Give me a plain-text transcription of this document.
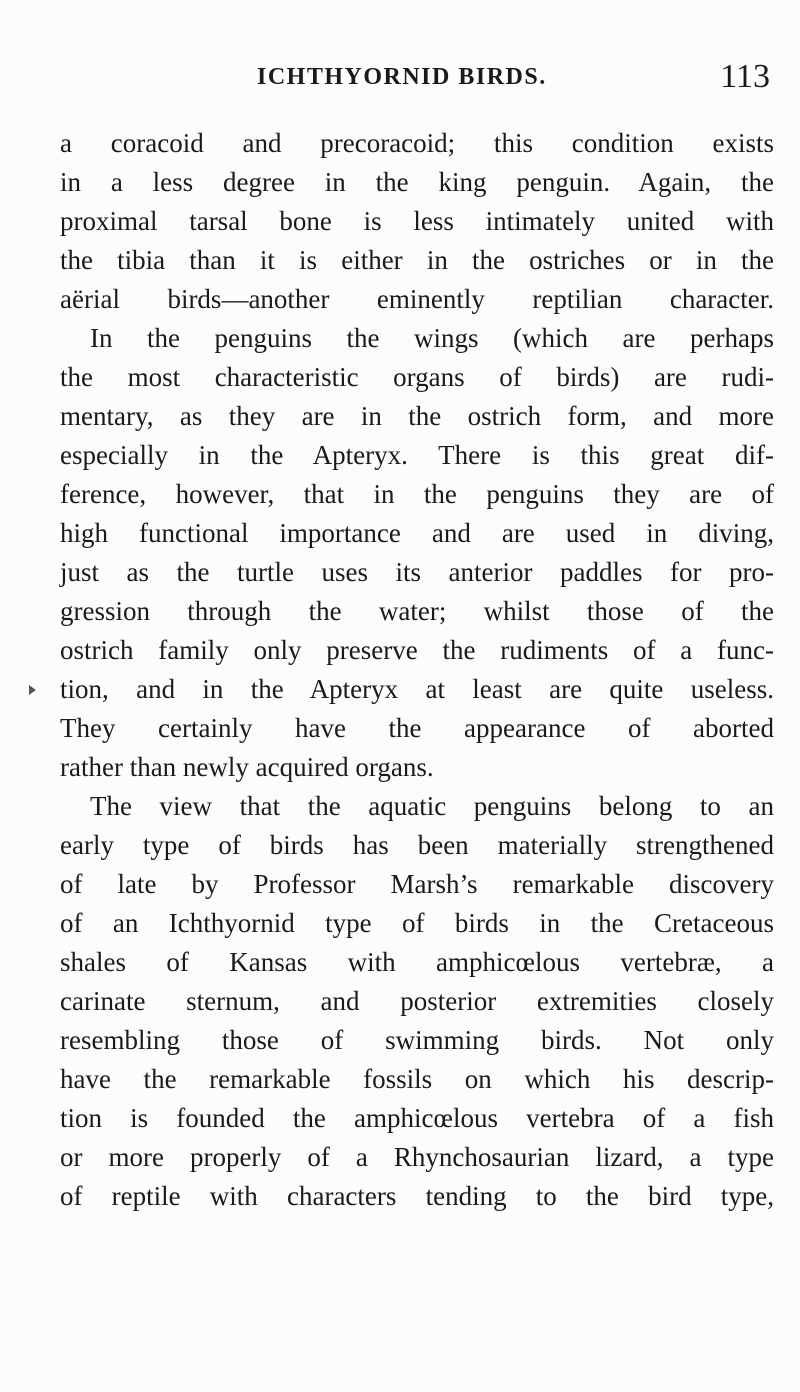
ICHTHYORNID BIRDS.	113
a coracoid and precoracoid; this condition exists
in a less degree in the king penguin. Again, the
proximal tarsal bone is less intimately united with
the tibia than it is either in the ostriches or in the
aërial birds—another eminently reptilian character.
In the penguins the wings (which are perhaps
the most characteristic organs of birds) are rudi-
mentary, as they are in the ostrich form, and more
especially in the Apteryx. There is this great dif-
ference, however, that in the penguins they are of
high functional importance and are used in diving,
just as the turtle uses its anterior paddles for pro-
gression through the water; whilst those of the
ostrich family only preserve the rudiments of a func-
tion, and in the Apteryx at least are quite useless.
They certainly have the appearance of aborted
rather than newly acquired organs.
The view that the aquatic penguins belong to an
early type of birds has been materially strengthened
of late by Professor Marsh’s remarkable discovery
of an Ichthyornid type of birds in the Cretaceous
shales of Kansas with amphicœlous vertebræ, a
carinate sternum, and posterior extremities closely
resembling those of swimming birds. Not only
have the remarkable fossils on which his descrip-
tion is founded the amphicœlous vertebra of a fish
or more properly of a Rhynchosaurian lizard, a type
of reptile with characters tending to the bird type,
